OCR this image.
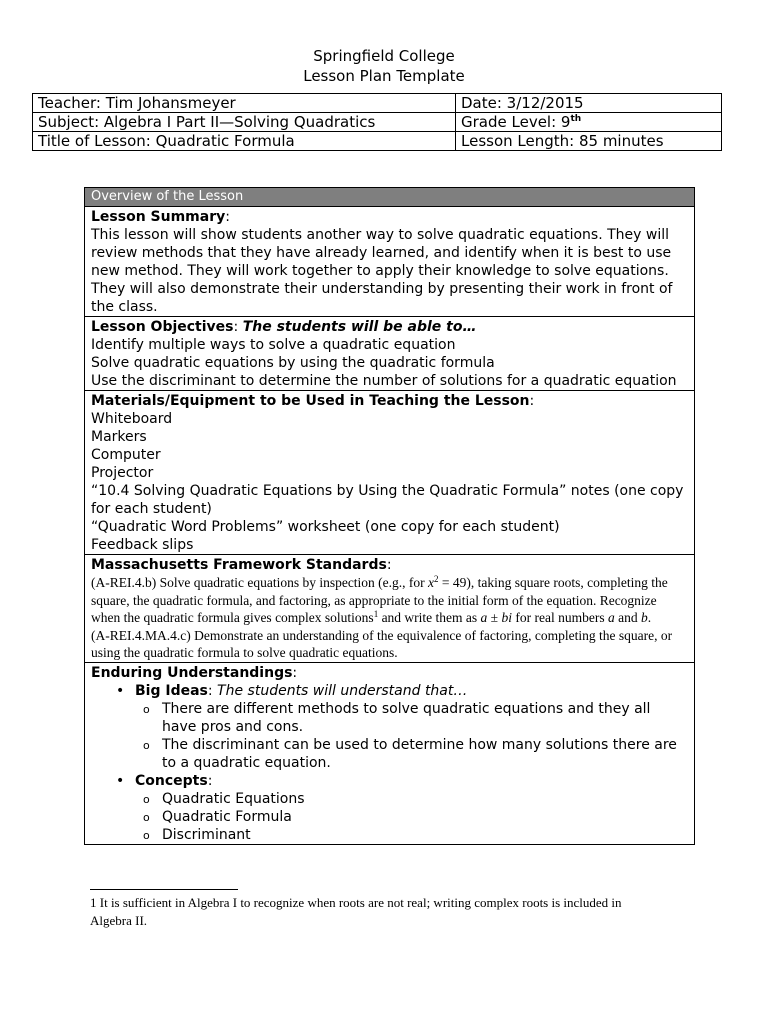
Springfield College
Lesson Plan Template
Teacher: Tim Johansmeyer	Date: 3/12/2015
Subject: Algebra I Part II—Solving Quadratics	Grade Level: 9th
Title of Lesson: Quadratic Formula	Lesson Length: 85 minutes
Overview of the Lesson
Lesson Summary:
This lesson will show students another way to solve quadratic equations. They will review methods that they have already learned, and identify when it is best to use new method. They will work together to apply their knowledge to solve equations. They will also demonstrate their understanding by presenting their work in front of the class.
Lesson Objectives: The students will be able to…
Identify multiple ways to solve a quadratic equation
Solve quadratic equations by using the quadratic formula
Use the discriminant to determine the number of solutions for a quadratic equation
Materials/Equipment to be Used in Teaching the Lesson:
Whiteboard
Markers
Computer
Projector
“10.4 Solving Quadratic Equations by Using the Quadratic Formula” notes (one copy for each student)
“Quadratic Word Problems” worksheet (one copy for each student)
Feedback slips
Massachusetts Framework Standards:
(A-REI.4.b) Solve quadratic equations by inspection (e.g., for $x^2 = 49$), taking square roots, completing the square, the quadratic formula, and factoring, as appropriate to the initial form of the equation. Recognize when the quadratic formula gives complex solutions$^1$ and write them as a ± bi for real numbers a and b.
(A-REI.4.MA.4.c) Demonstrate an understanding of the equivalence of factoring, completing the square, or using the quadratic formula to solve quadratic equations.
Enduring Understandings:
• Big Ideas: The students will understand that…
o There are different methods to solve quadratic equations and they all have pros and cons.
o The discriminant can be used to determine how many solutions there are to a quadratic equation.
• Concepts:
o Quadratic Equations
o Quadratic Formula
o Discriminant
1 It is sufficient in Algebra I to recognize when roots are not real; writing complex roots is included in Algebra II.
